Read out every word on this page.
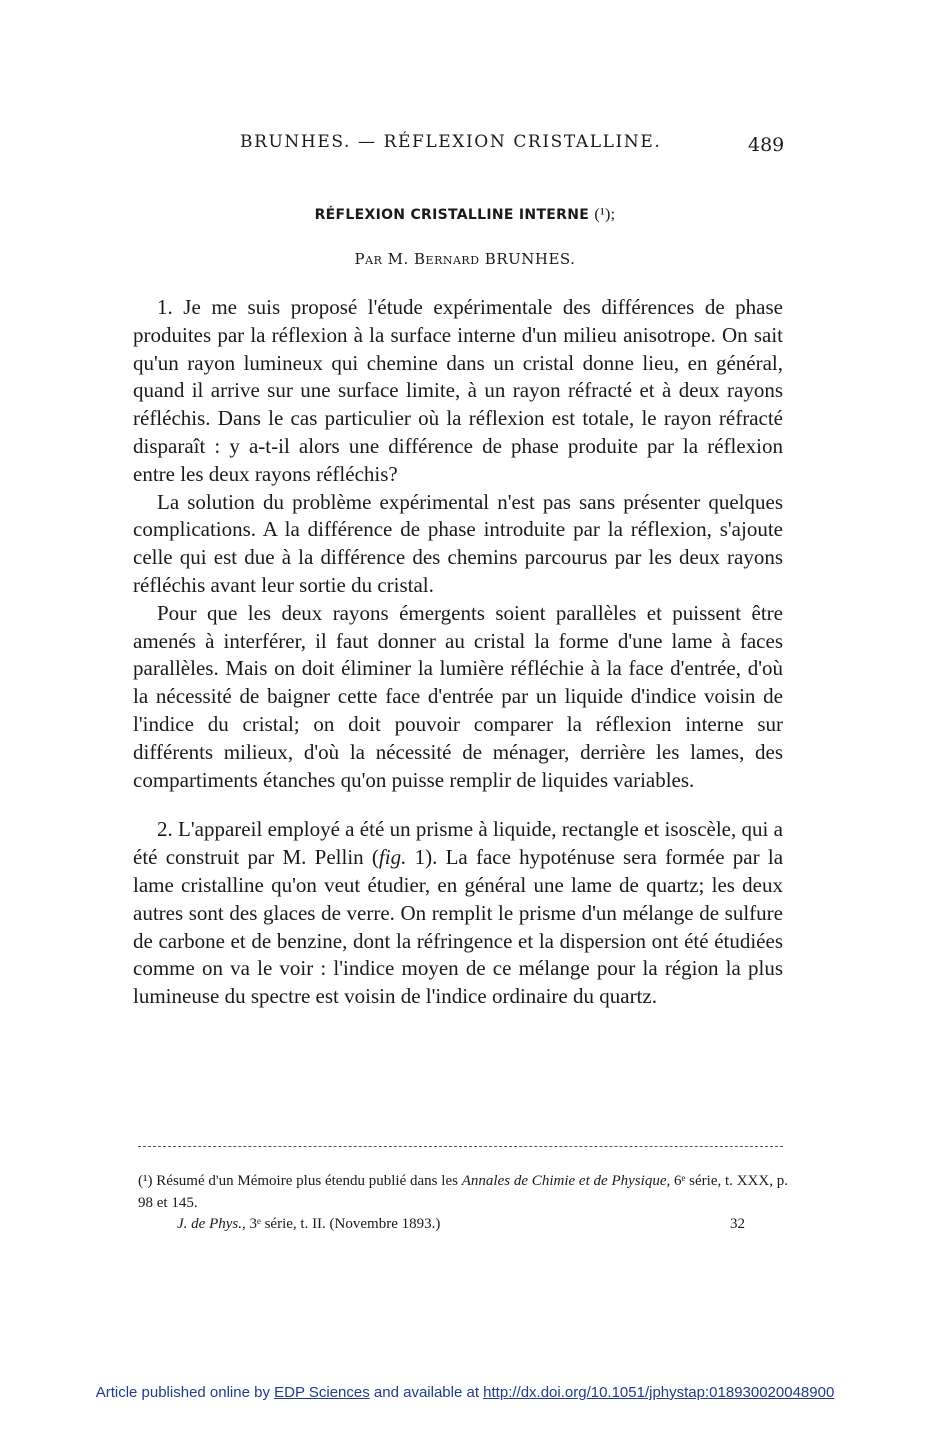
BRUNHES. — RÉFLEXION CRISTALLINE.	489
RÉFLEXION CRISTALLINE INTERNE (¹);
Par M. Bernard BRUNHES.

1. Je me suis proposé l'étude expérimentale des différences de phase produites par la réflexion à la surface interne d'un milieu anisotrope. On sait qu'un rayon lumineux qui chemine dans un cristal donne lieu, en général, quand il arrive sur une surface limite, à un rayon réfracté et à deux rayons réfléchis. Dans le cas particulier où la réflexion est totale, le rayon réfracté disparaît : y a-t-il alors une différence de phase produite par la réflexion entre les deux rayons réfléchis?

La solution du problème expérimental n'est pas sans présenter quelques complications. A la différence de phase introduite par la réflexion, s'ajoute celle qui est due à la différence des chemins parcourus par les deux rayons réfléchis avant leur sortie du cristal.

Pour que les deux rayons émergents soient parallèles et puissent être amenés à interférer, il faut donner au cristal la forme d'une lame à faces parallèles. Mais on doit éliminer la lumière réfléchie à la face d'entrée, d'où la nécessité de baigner cette face d'entrée par un liquide d'indice voisin de l'indice du cristal; on doit pouvoir comparer la réflexion interne sur différents milieux, d'où la nécessité de ménager, derrière les lames, des compartiments étanches qu'on puisse remplir de liquides variables.

2. L'appareil employé a été un prisme à liquide, rectangle et isoscèle, qui a été construit par M. Pellin (fig. 1). La face hypoténuse sera formée par la lame cristalline qu'on veut étudier, en général une lame de quartz; les deux autres sont des glaces de verre. On remplit le prisme d'un mélange de sulfure de carbone et de benzine, dont la réfringence et la dispersion ont été étudiées comme on va le voir : l'indice moyen de ce mélange pour la région la plus lumineuse du spectre est voisin de l'indice ordinaire du quartz.

(¹) Résumé d'un Mémoire plus étendu publié dans les Annales de Chimie et de Physique, 6ᵉ série, t. XXX, p. 98 et 145.

J. de Phys., 3ᵉ série, t. II. (Novembre 1893.)	32
Article published online by EDP Sciences and available at http://dx.doi.org/10.1051/jphystap:018930020048900
